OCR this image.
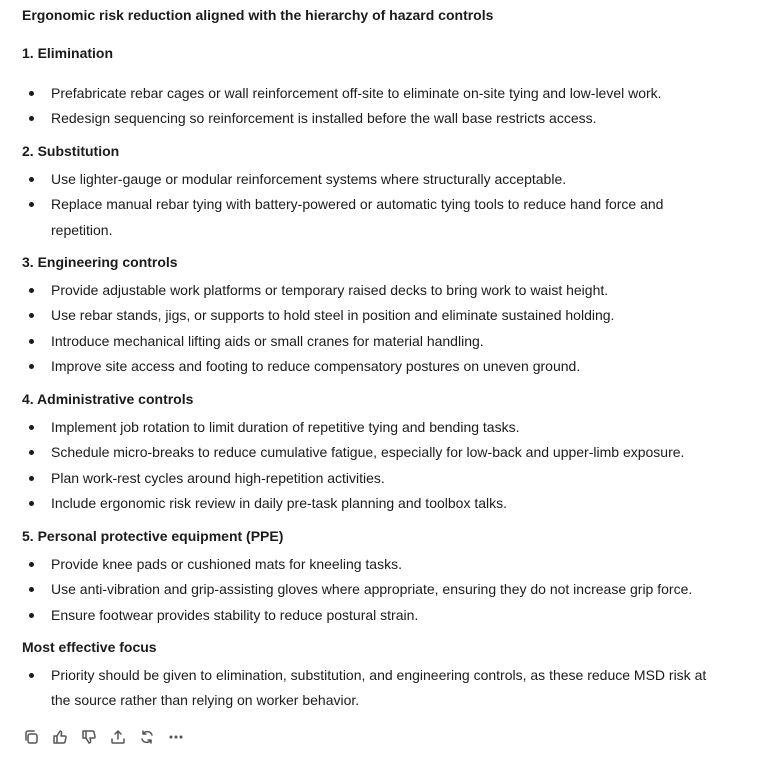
Ergonomic risk reduction aligned with the hierarchy of hazard controls
1. Elimination
Prefabricate rebar cages or wall reinforcement off-site to eliminate on-site tying and low-level work.
Redesign sequencing so reinforcement is installed before the wall base restricts access.
2. Substitution
Use lighter-gauge or modular reinforcement systems where structurally acceptable.
Replace manual rebar tying with battery-powered or automatic tying tools to reduce hand force and repetition.
3. Engineering controls
Provide adjustable work platforms or temporary raised decks to bring work to waist height.
Use rebar stands, jigs, or supports to hold steel in position and eliminate sustained holding.
Introduce mechanical lifting aids or small cranes for material handling.
Improve site access and footing to reduce compensatory postures on uneven ground.
4. Administrative controls
Implement job rotation to limit duration of repetitive tying and bending tasks.
Schedule micro-breaks to reduce cumulative fatigue, especially for low-back and upper-limb exposure.
Plan work-rest cycles around high-repetition activities.
Include ergonomic risk review in daily pre-task planning and toolbox talks.
5. Personal protective equipment (PPE)
Provide knee pads or cushioned mats for kneeling tasks.
Use anti-vibration and grip-assisting gloves where appropriate, ensuring they do not increase grip force.
Ensure footwear provides stability to reduce postural strain.
Most effective focus
Priority should be given to elimination, substitution, and engineering controls, as these reduce MSD risk at the source rather than relying on worker behavior.
